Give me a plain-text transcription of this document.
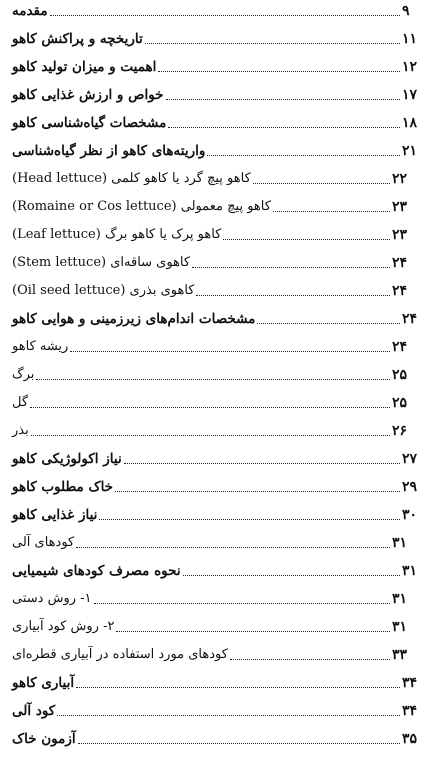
مقدمه	۹
تاریخچه و پراکنش کاهو	۱۱
اهمیت و میزان تولید کاهو	۱۲
خواص و ارزش غذایی کاهو	۱۷
مشخصات گیاه‌شناسی کاهو	۱۸
واریته‌های کاهو از نظر گیاه‌شناسی	۲۱
کاهو پیچ گرد یا کاهو کلمی (Head lettuce)	۲۲
کاهو پیچ معمولی (Romaine or Cos lettuce)	۲۳
کاهو پرک یا کاهو برگ (Leaf lettuce)	۲۳
کاهوی ساقه‌ای (Stem lettuce)	۲۴
کاهوی بذری (Oil seed lettuce)	۲۴
مشخصات اندام‌های زیرزمینی و هوایی کاهو	۲۴
ریشه کاهو	۲۴
برگ	۲۵
گل	۲۵
بذر	۲۶
نیاز اکولوژیکی کاهو	۲۷
خاک مطلوب کاهو	۲۹
نیاز غذایی کاهو	۳۰
کودهای آلی	۳۱
نحوه مصرف کودهای شیمیایی	۳۱
۱- روش دستی	۳۱
۲- روش کود آبیاری	۳۱
کودهای مورد استفاده در آبیاری قطره‌ای	۳۳
آبیاری کاهو	۳۴
کود آلی	۳۴
آزمون خاک	۳۵
